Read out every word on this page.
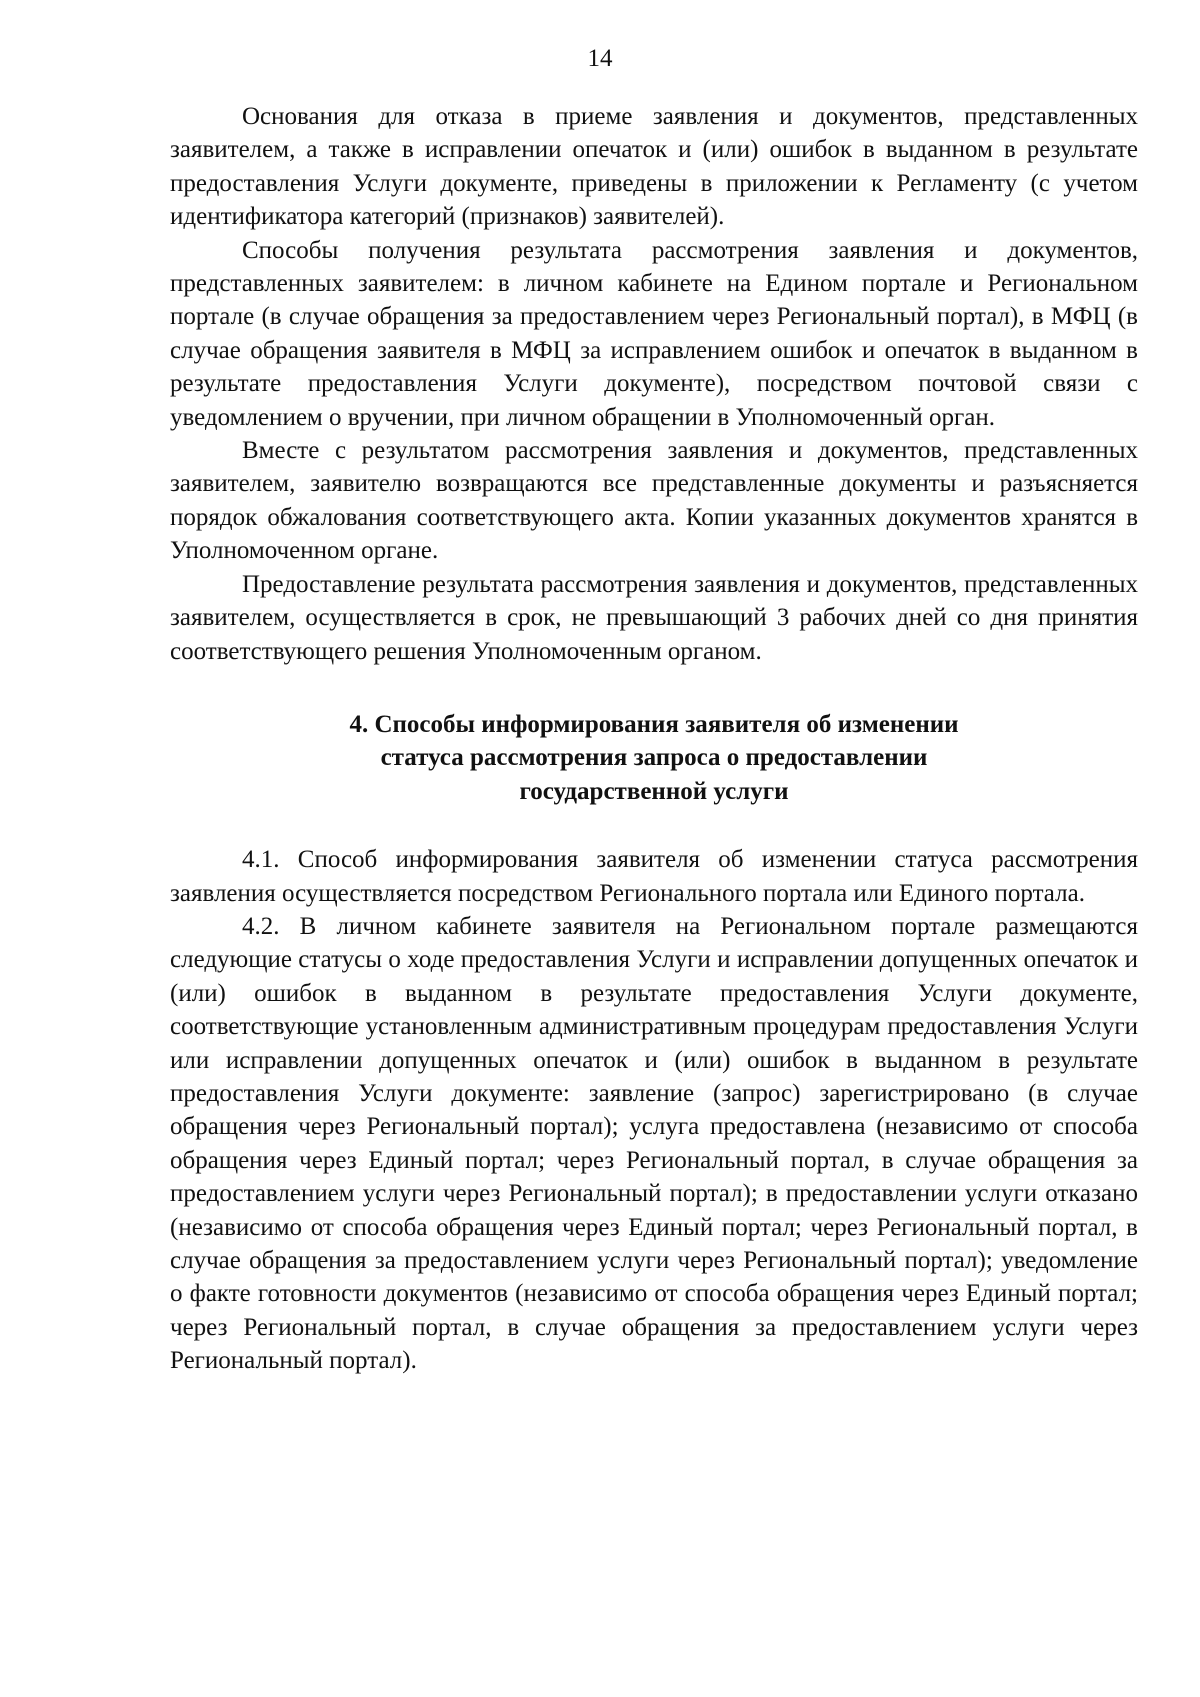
14

Основания для отказа в приеме заявления и документов, представленных заявителем, а также в исправлении опечаток и (или) ошибок в выданном в результате предоставления Услуги документе, приведены в приложении к Регламенту (с учетом идентификатора категорий (признаков) заявителей).

Способы получения результата рассмотрения заявления и документов, представленных заявителем: в личном кабинете на Едином портале и Региональном портале (в случае обращения за предоставлением через Региональный портал), в МФЦ (в случае обращения заявителя в МФЦ за исправлением ошибок и опечаток в выданном в результате предоставления Услуги документе), посредством почтовой связи с уведомлением о вручении, при личном обращении в Уполномоченный орган.

Вместе с результатом рассмотрения заявления и документов, представленных заявителем, заявителю возвращаются все представленные документы и разъясняется порядок обжалования соответствующего акта. Копии указанных документов хранятся в Уполномоченном органе.

Предоставление результата рассмотрения заявления и документов, представленных заявителем, осуществляется в срок, не превышающий 3 рабочих дней со дня принятия соответствующего решения Уполномоченным органом.

4. Способы информирования заявителя об изменении
статуса рассмотрения запроса о предоставлении
государственной услуги

4.1. Способ информирования заявителя об изменении статуса рассмотрения заявления осуществляется посредством Регионального портала или Единого портала.

4.2. В личном кабинете заявителя на Региональном портале размещаются следующие статусы о ходе предоставления Услуги и исправлении допущенных опечаток и (или) ошибок в выданном в результате предоставления Услуги документе, соответствующие установленным административным процедурам предоставления Услуги или исправлении допущенных опечаток и (или) ошибок в выданном в результате предоставления Услуги документе: заявление (запрос) зарегистрировано (в случае обращения через Региональный портал); услуга предоставлена (независимо от способа обращения через Единый портал; через Региональный портал, в случае обращения за предоставлением услуги через Региональный портал); в предоставлении услуги отказано (независимо от способа обращения через Единый портал; через Региональный портал, в случае обращения за предоставлением услуги через Региональный портал); уведомление о факте готовности документов (независимо от способа обращения через Единый портал; через Региональный портал, в случае обращения за предоставлением услуги через Региональный портал).
